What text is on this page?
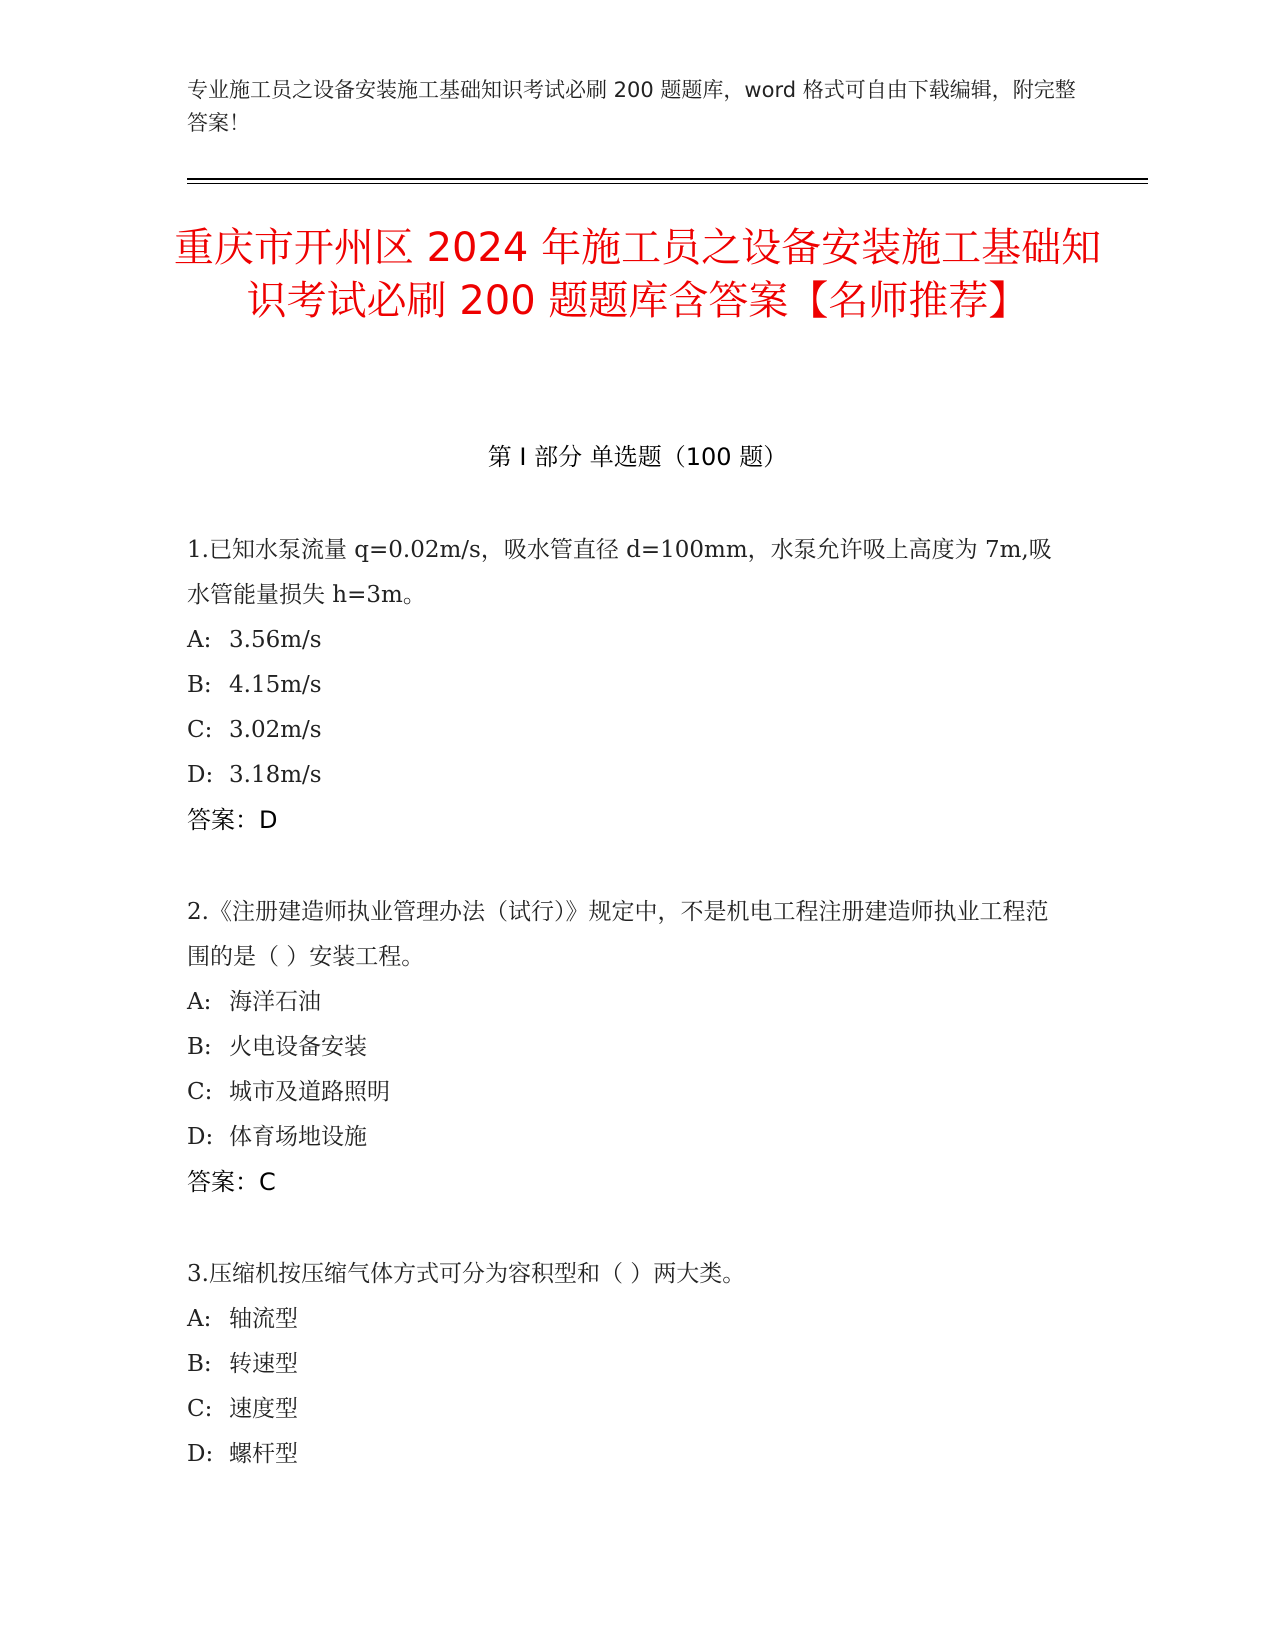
专业施工员之设备安装施工基础知识考试必刷 200 题题库，word 格式可自由下载编辑，附完整答案！
重庆市开州区 2024 年施工员之设备安装施工基础知识考试必刷 200 题题库含答案【名师推荐】
第 I 部分 单选题（100 题）

1.已知水泵流量 q=0.02m/s，吸水管直径 d=100mm，水泵允许吸上高度为 7m,吸水管能量损失 h=3m。

A: 3.56m/s

B: 4.15m/s

C: 3.02m/s

D: 3.18m/s

答案：D

2.《注册建造师执业管理办法（试行）》规定中，不是机电工程注册建造师执业工程范围的是（ ）安装工程。

A: 海洋石油

B: 火电设备安装

C: 城市及道路照明

D: 体育场地设施

答案：C

3.压缩机按压缩气体方式可分为容积型和（ ）两大类。

A: 轴流型

B: 转速型

C: 速度型

D: 螺杆型
